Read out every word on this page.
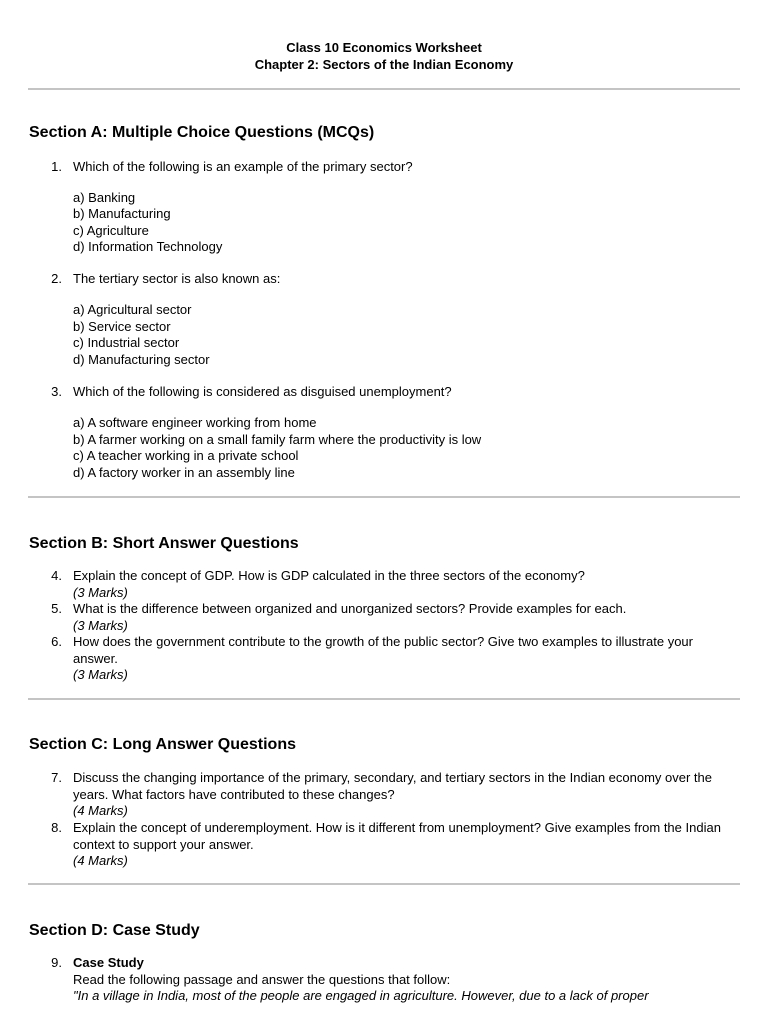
Class 10 Economics Worksheet
Chapter 2: Sectors of the Indian Economy
Section A: Multiple Choice Questions (MCQs)
1. Which of the following is an example of the primary sector?
a) Banking
b) Manufacturing
c) Agriculture
d) Information Technology
2. The tertiary sector is also known as:
a) Agricultural sector
b) Service sector
c) Industrial sector
d) Manufacturing sector
3. Which of the following is considered as disguised unemployment?
a) A software engineer working from home
b) A farmer working on a small family farm where the productivity is low
c) A teacher working in a private school
d) A factory worker in an assembly line
Section B: Short Answer Questions
4. Explain the concept of GDP. How is GDP calculated in the three sectors of the economy?
(3 Marks)
5. What is the difference between organized and unorganized sectors? Provide examples for each.
(3 Marks)
6. How does the government contribute to the growth of the public sector? Give two examples to illustrate your answer.
(3 Marks)
Section C: Long Answer Questions
7. Discuss the changing importance of the primary, secondary, and tertiary sectors in the Indian economy over the years. What factors have contributed to these changes?
(4 Marks)
8. Explain the concept of underemployment. How is it different from unemployment? Give examples from the Indian context to support your answer.
(4 Marks)
Section D: Case Study
9. Case Study
Read the following passage and answer the questions that follow:
"In a village in India, most of the people are engaged in agriculture. However, due to a lack of proper
